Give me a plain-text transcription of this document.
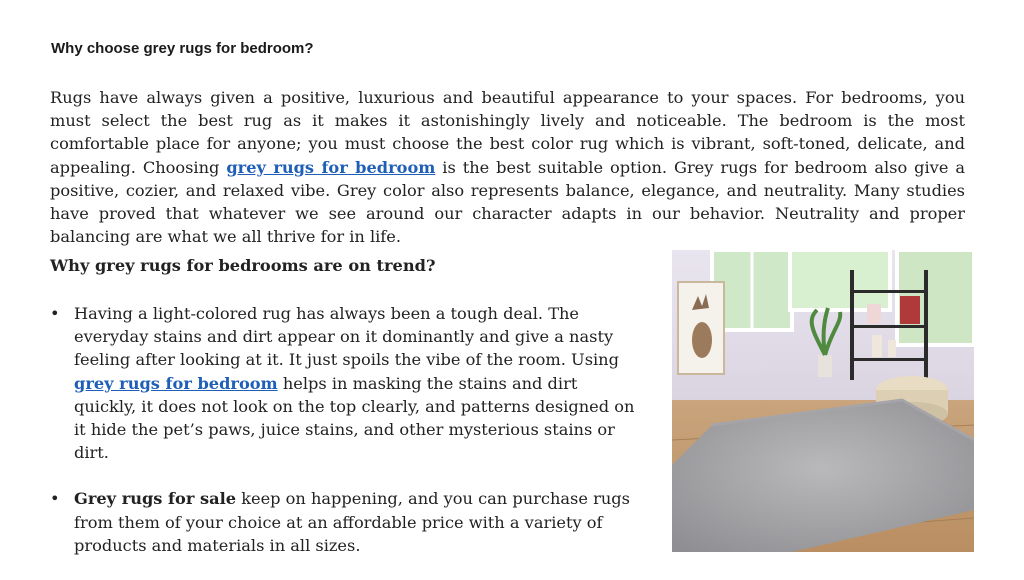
Why choose grey rugs for bedroom?

Rugs have always given a positive, luxurious and beautiful appearance to your spaces. For bedrooms, you must select the best rug as it makes it astonishingly lively and noticeable. The bedroom is the most comfortable place for anyone; you must choose the best color rug which is vibrant, soft-toned, delicate, and appealing. Choosing grey rugs for bedroom is the best suitable option. Grey rugs for bedroom also give a positive, cozier, and relaxed vibe. Grey color also represents balance, elegance, and neutrality. Many studies have proved that whatever we see around our character adapts in our behavior. Neutrality and proper balancing are what we all thrive for in life.

Why grey rugs for bedrooms are on trend?
• Having a light-colored rug has always been a tough deal. The everyday stains and dirt appear on it dominantly and give a nasty feeling after looking at it. It just spoils the vibe of the room. Using grey rugs for bedroom helps in masking the stains and dirt quickly, it does not look on the top clearly, and patterns designed on it hide the pet’s paws, juice stains, and other mysterious stains or dirt.
• Grey rugs for sale keep on happening, and you can purchase rugs from them of your choice at an affordable price with a variety of products and materials in all sizes.
